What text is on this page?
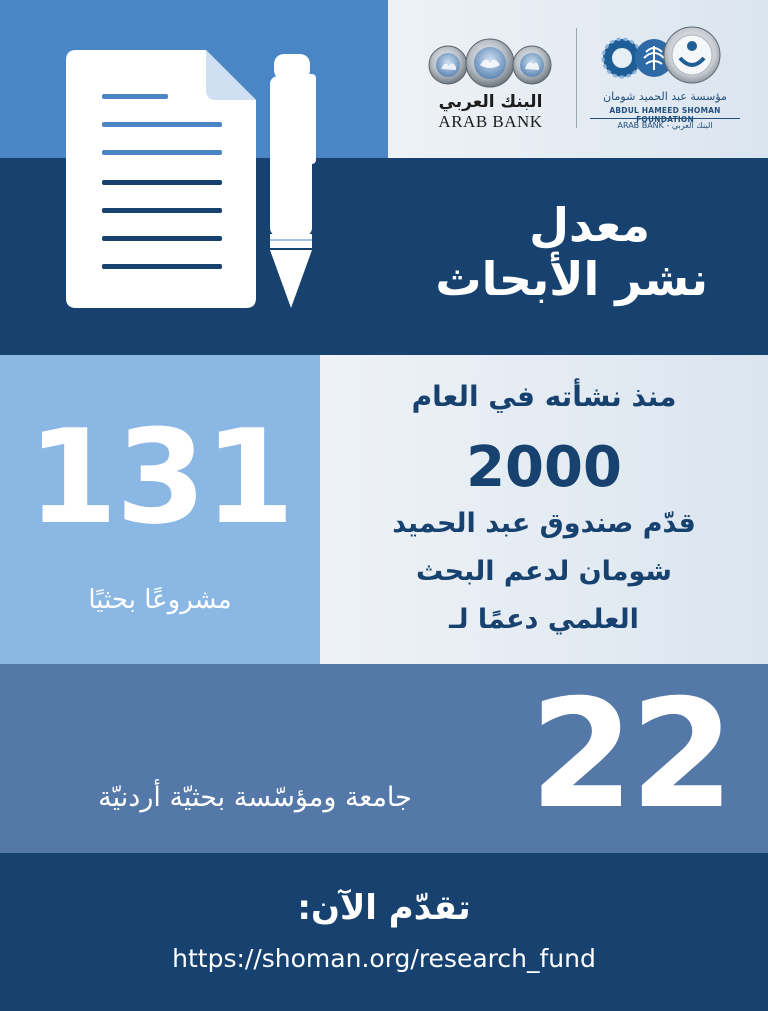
البنك العربي
ARAB BANK
مؤسسة عبد الحميد شومان
ABDUL HAMEED SHOMAN FOUNDATION
ARAB BANK - البنك العربي

معدل

نشر الأبحاث

131

مشروعًا بحثيًا

منذ نشأته في العام

2000

قدّم صندوق عبد الحميد

شومان لدعم البحث

العلمي دعمًا لـ

22

جامعة ومؤسّسة بحثيّة أردنيّة

تقدّم الآن:

https://shoman.org/research_fund
